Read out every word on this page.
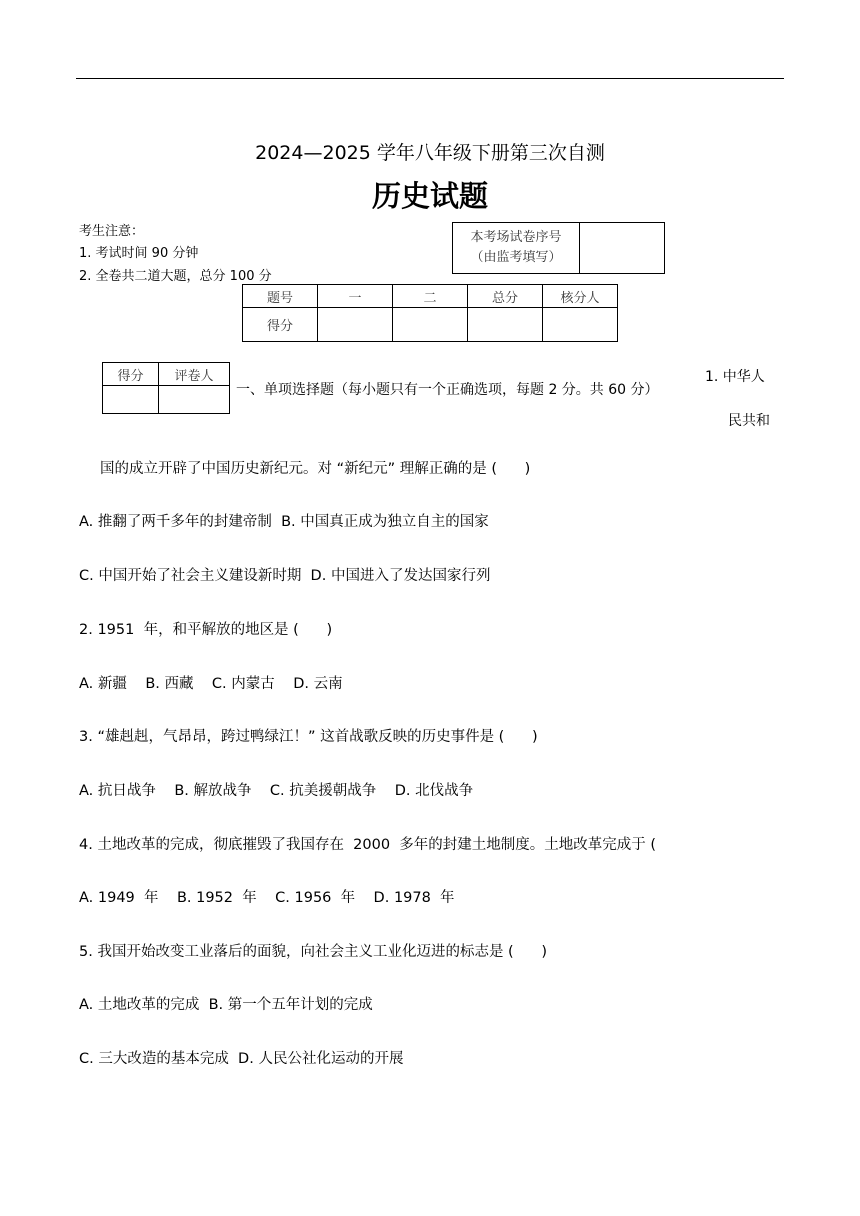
2024—2025 学年八年级下册第三次自测
历史试题
考生注意：
1. 考试时间 90 分钟
2. 全卷共二道大题，总分 100 分
本考场试卷序号
（由监考填写）

题号	一	二	总分	核分人
得分				
得分	评卷人

一、单项选择题（每小题只有一个正确选项，每题 2 分。共 60 分）
1. 中华人
民共和
国的成立开辟了中国历史新纪元。对 “新纪元” 理解正确的是 (      )
A. 推翻了两千多年的封建帝制  B. 中国真正成为独立自主的国家
C. 中国开始了社会主义建设新时期  D. 中国进入了发达国家行列
2. 1951  年，和平解放的地区是 (      )
A. 新疆    B. 西藏    C. 内蒙古    D. 云南
3. “雄赳赳，气昂昂，跨过鸭绿江！” 这首战歌反映的历史事件是 (      )
A. 抗日战争    B. 解放战争    C. 抗美援朝战争    D. 北伐战争
4. 土地改革的完成，彻底摧毁了我国存在  2000  多年的封建土地制度。土地改革完成于 (
A. 1949  年    B. 1952  年    C. 1956  年    D. 1978  年
5. 我国开始改变工业落后的面貌，向社会主义工业化迈进的标志是 (      )
A. 土地改革的完成  B. 第一个五年计划的完成
C. 三大改造的基本完成  D. 人民公社化运动的开展
